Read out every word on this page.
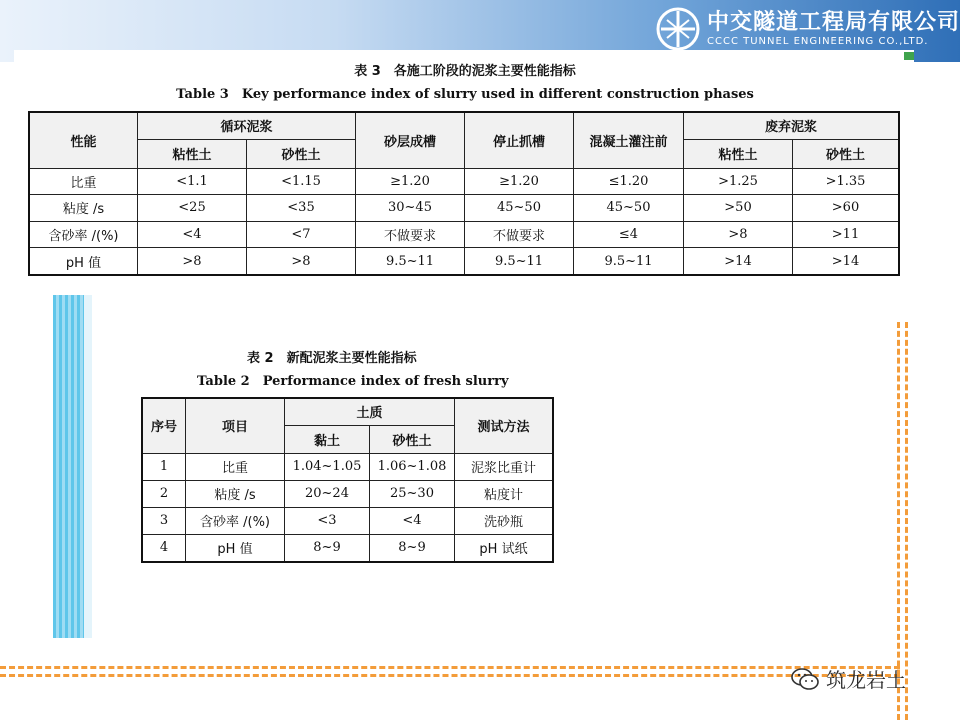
中交隧道工程局有限公司
CCCC TUNNEL ENGINEERING CO.,LTD.
表 3　各施工阶段的泥浆主要性能指标
Table 3　Key performance index of slurry used in different construction phases
性能	循环泥浆		砂层成槽	停止抓槽	混凝土灌注前	废弃泥浆	
	粘性土	砂性土				粘性土	砂性土
比重	<1.1	<1.15	≥1.20	≥1.20	≤1.20	>1.25	>1.35
粘度 /s	<25	<35	30~45	45~50	45~50	>50	>60
含砂率 /(%)	<4	<7	不做要求	不做要求	≤4	>8	>11
pH 值	>8	>8	9.5~11	9.5~11	9.5~11	>14	>14
表 2　新配泥浆主要性能指标
Table 2　Performance index of fresh slurry
序号	项目	土质		测试方法
		黏土	砂性土	
1	比重	1.04~1.05	1.06~1.08	泥浆比重计
2	粘度 /s	20~24	25~30	粘度计
3	含砂率 /(%)	<3	<4	洗砂瓶
4	pH 值	8~9	8~9	pH 试纸
筑龙岩土
